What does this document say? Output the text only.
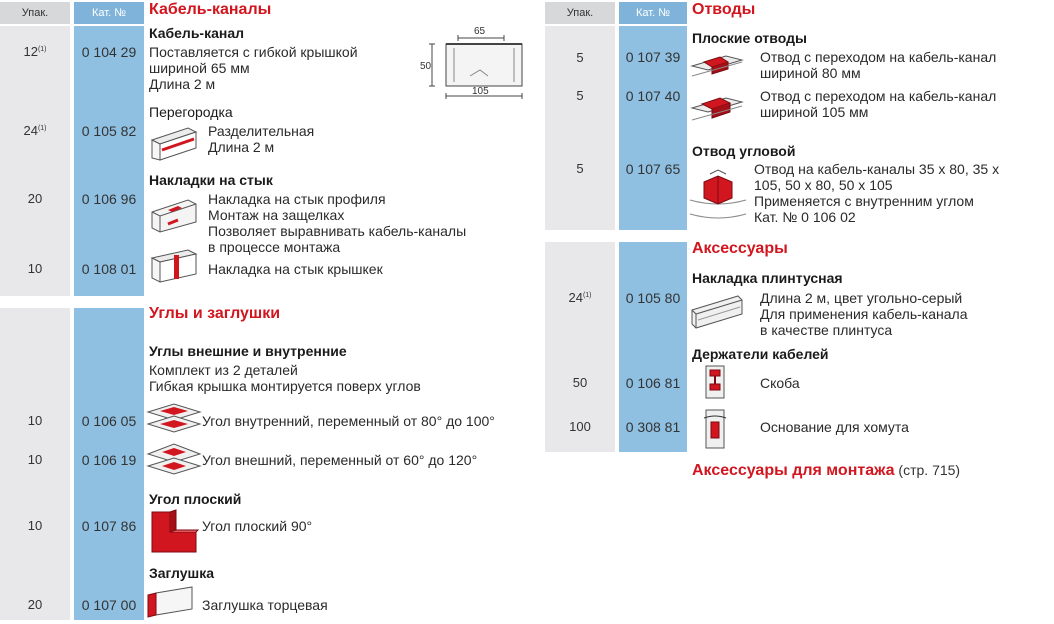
Упак.	Кат. №	Кабель-каналы
Кабель-канал
Поставляется с гибкой крышкой
шириной 65 мм
Длина 2 м
12$^{(1)}$	0 104 29
65
50
105
Перегородка
Разделительная
Длина 2 м
24$^{(1)}$	0 105 82
Накладки на стык
Накладка на стык профиля
Монтаж на защелках
Позволяет выравнивать кабель-каналы
в процессе монтажа
20	0 106 96
Накладка на стык крышкек
10	0 108 01
Углы и заглушки
Углы внешние и внутренние
Комплект из 2 деталей
Гибкая крышка монтируется поверх углов
Угол внутренний, переменный от 80° до 100°
10	0 106 05
Угол внешний, переменный от 60° до 120°
10	0 106 19
Угол плоский
Угол плоский 90°
10	0 107 86
Заглушка
Заглушка торцевая
20	0 107 00
Упак.	Кат. №	Отводы
Плоские отводы
Отвод с переходом на кабель-канал
шириной 80 мм
5	0 107 39
Отвод с переходом на кабель-канал
шириной 105 мм
5	0 107 40
Отвод угловой
Отвод на кабель-каналы 35 x 80, 35 x
105, 50 x 80, 50 x 105
Применяется с внутренним углом
Кат. № 0 106 02
5	0 107 65
Аксессуары
Накладка плинтусная
Длина 2 м, цвет угольно-серый
Для применения кабель-канала
в качестве плинтуса
24$^{(1)}$	0 105 80
Держатели кабелей
Скоба
50	0 106 81
Основание для хомута
100	0 308 81
Аксессуары для монтажа (стр. 715)
